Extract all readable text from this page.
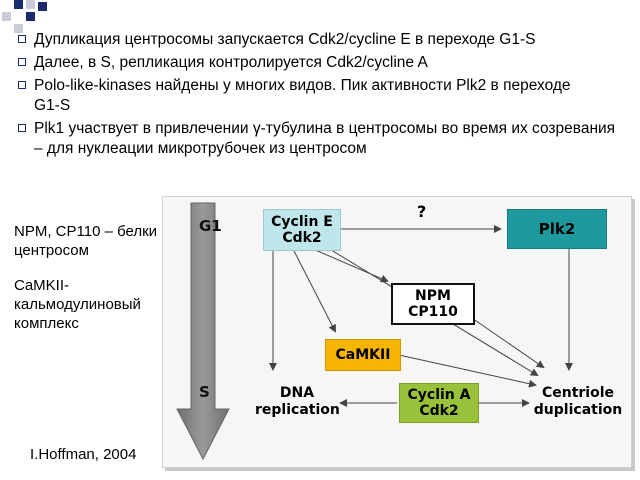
Дупликация центросомы запускается Cdk2/cycline E в переходе G1-S
Далее, в S, репликация контролируется Cdk2/cycline A
Polo-like-kinases найдены у многих видов. Пик активности Plk2 в переходе G1-S
Plk1 участвует в привлечении γ-тубулина в центросомы во время их созревания – для нуклеации микротрубочек из центросом
NPM, CP110 – белки центросом
CaMKII- кальмодулиновый комплекс
I.Hoffman, 2004
G1
S
?
Cyclin E
Cdk2	Plk2
NPM
CP110
CaMKII
Cyclin A
Cdk2
DNA
replication
Centriole
duplication
